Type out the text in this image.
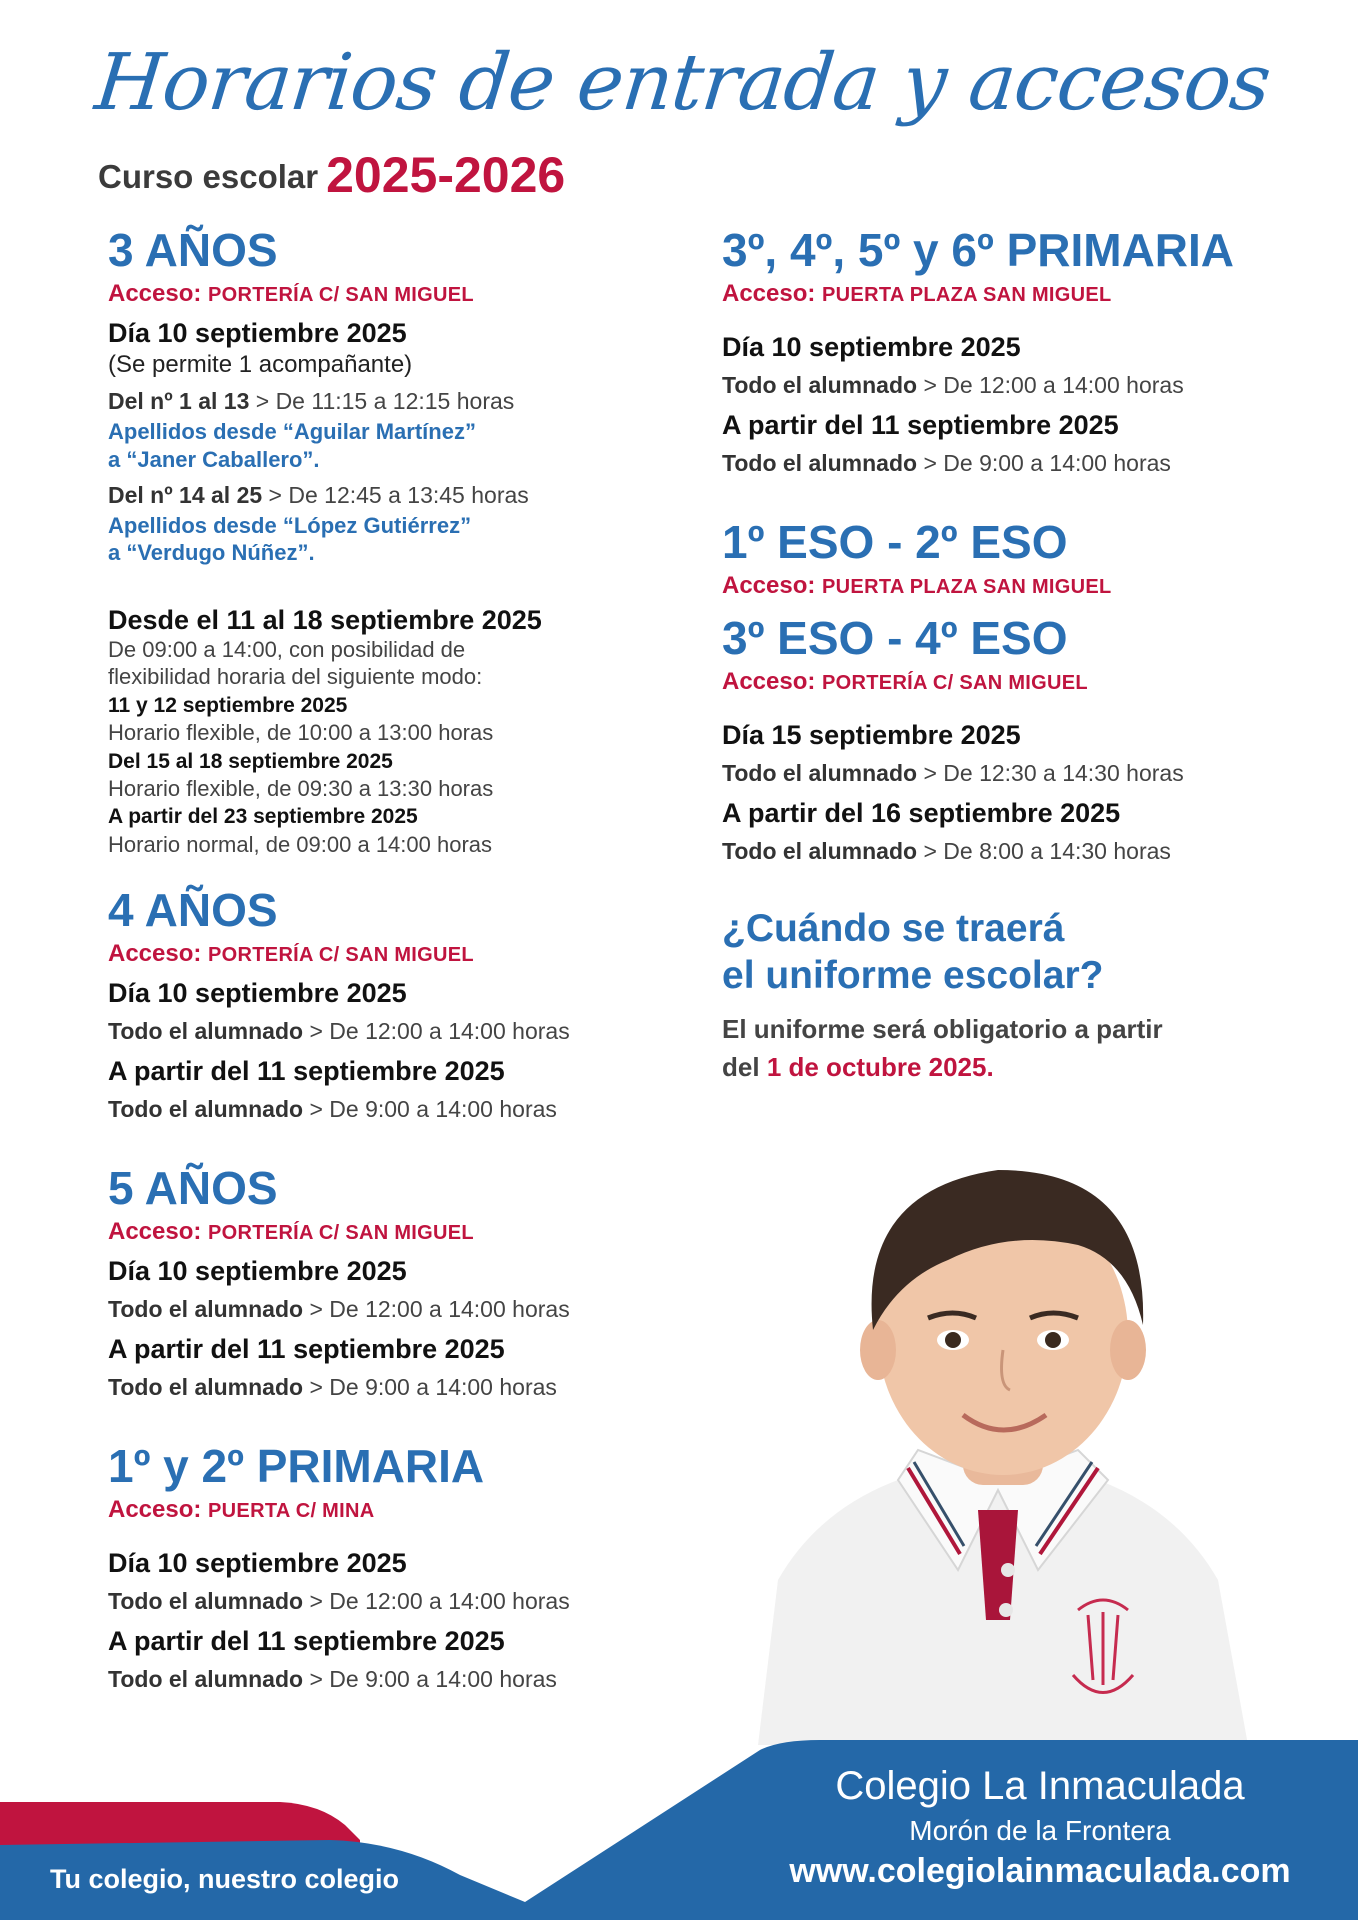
Horarios de entrada y accesos
Curso escolar 2025-2026
3 AÑOS
Acceso: PORTERÍA C/ SAN MIGUEL
Día 10 septiembre 2025
(Se permite 1 acompañante)
Del nº 1 al 13 > De 11:15 a 12:15 horas
Apellidos desde “Aguilar Martínez”
a “Janer Caballero”.
Del nº 14 al 25 > De 12:45 a 13:45 horas
Apellidos desde “López Gutiérrez”
a “Verdugo Núñez”.
Desde el 11 al 18 septiembre 2025
De 09:00 a 14:00, con posibilidad de
flexibilidad horaria del siguiente modo:
11 y 12 septiembre 2025
Horario flexible, de 10:00 a 13:00 horas
Del 15 al 18 septiembre 2025
Horario flexible, de 09:30 a 13:30 horas
A partir del 23 septiembre 2025
Horario normal, de 09:00 a 14:00 horas
4 AÑOS
Acceso: PORTERÍA C/ SAN MIGUEL
Día 10 septiembre 2025
Todo el alumnado > De 12:00 a 14:00 horas
A partir del 11 septiembre 2025
Todo el alumnado > De 9:00 a 14:00 horas
5 AÑOS
Acceso: PORTERÍA C/ SAN MIGUEL
Día 10 septiembre 2025
Todo el alumnado > De 12:00 a 14:00 horas
A partir del 11 septiembre 2025
Todo el alumnado > De 9:00 a 14:00 horas
1º y 2º PRIMARIA
Acceso: PUERTA C/ MINA
Día 10 septiembre 2025
Todo el alumnado > De 12:00 a 14:00 horas
A partir del 11 septiembre 2025
Todo el alumnado > De 9:00 a 14:00 horas
3º, 4º, 5º y 6º PRIMARIA
Acceso: PUERTA PLAZA SAN MIGUEL
Día 10 septiembre 2025
Todo el alumnado > De 12:00 a 14:00 horas
A partir del 11 septiembre 2025
Todo el alumnado > De 9:00 a 14:00 horas
1º ESO - 2º ESO
Acceso: PUERTA PLAZA SAN MIGUEL
3º ESO - 4º ESO
Acceso: PORTERÍA C/ SAN MIGUEL
Día 15 septiembre 2025
Todo el alumnado > De 12:30 a 14:30 horas
A partir del 16 septiembre 2025
Todo el alumnado > De 8:00 a 14:30 horas
¿Cuándo se traerá
el uniforme escolar?
El uniforme será obligatorio a partir
del 1 de octubre 2025.
Tu colegio, nuestro colegio
Colegio La Inmaculada
Morón de la Frontera
www.colegiolainmaculada.com
